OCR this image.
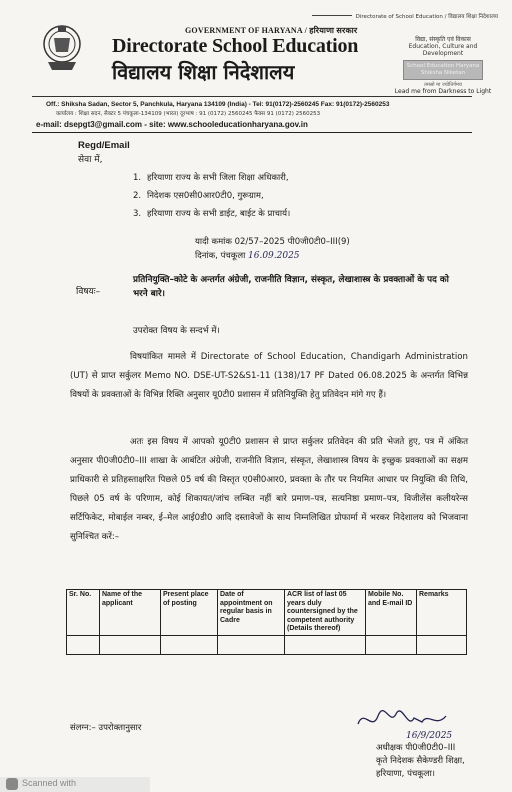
Directorate of School Education / विद्यालय शिक्षा निदेशालय
GOVERNMENT OF HARYANA / हरियाणा सरकार
Directorate School Education
विद्यालय शिक्षा निदेशालय
विद्या, संस्कृति एवं विकास
Education, Culture and Development
School Education Haryana
Shiksha Niketan
तमसो मा ज्योतिर्गमय
Lead me from Darkness to Light
Off.: Shiksha Sadan, Sector 5, Panchkula, Haryana 134109 (India) - Tel: 91(0172)-2560245 Fax: 91(0172)-2560253
कार्यालय : शिक्षा सदन, सैक्टर 5 पंचकूला-134109 (भारत) दूरभाष : 91 (0172) 2560245 फैक्स 91 (0172) 2560253
e-mail: dsepgt3@gmail.com - site: www.schooleducationharyana.gov.in
Regd/Email
सेवा में,
1. हरियाणा राज्य के सभी जिला शिक्षा अधिकारी,
2. निदेशक एस0सी0आर0टी0, गुरूग्राम,
3. हरियाणा राज्य के सभी डाईट, बाईट के प्राचार्य।
यादी कमांक 02/57–2025 पी0जी0टी0–III(9)
दिनांक, पंचकूला 16.09.2025
विषयः–
प्रतिनियुक्ति–कोटे के अन्तर्गत अंग्रेजी, राजनीति विज्ञान, संस्कृत, लेखाशास्त्र के प्रवक्ताओं के पद को भरने बारे।
उपरोक्त विषय के सन्दर्भ में।
विषयांकित मामले में Directorate of School Education, Chandigarh Administration (UT) से प्राप्त सर्कुलर Memo NO. DSE-UT-S2&S1-11 (138)/17 PF Dated 06.08.2025 के अन्तर्गत विभिन्न विषयों के प्रवक्ताओं के विभिन्न रिक्ति अनुसार यू0टी0 प्रशासन में प्रतिनियुक्ति हेतु प्रतिवेदन मांगे गए हैं।
अतः इस विषय में आपको यू0टी0 प्रशासन से प्राप्त सर्कुलर प्रतिवेदन की प्रति भेजते हुए, पत्र में अंकित अनुसार पी0जी0टी0–III शाखा के आबंटित अंग्रेजी, राजनीति विज्ञान, संस्कृत, लेखाशास्त्र विषय के इच्छुक प्रवक्ताओं का सक्षम प्राधिकारी से प्रतिहस्ताक्षरित पिछले 05 वर्ष की विस्तृत ए0सी0आर0, प्रवक्ता के तौर पर नियमित आधार पर नियुक्ति की तिथि, पिछले 05 वर्ष के परिणाम, कोई शिकायत/जांच लम्बित नहीं बारे प्रमाण–पत्र, सत्यनिष्ठा प्रमाण–पत्र, विजीलेंस कलीयरेन्स सर्टिफिकेट, मोबाईल नम्बर, ई–मेल आई0डी0 आदि दस्तावेजों के साथ निम्नलिखित प्रोफार्मा में भरकर निदेशालय को भिजवाना सुनिश्चित करें:–
Sr. No.	Name of the applicant	Present place of posting	Date of appointment on regular basis in Cadre	ACR list of last 05 years duly countersigned by the competent authority (Details thereof)	Mobile No. and E-mail ID	Remarks

संलग्न:– उपरोक्तानुसार
16/9/2025
अधीक्षक पी0जी0टी0–III
कृते निदेशक सैकेण्डरी शिक्षा,
हरियाणा, पंचकूला।
Scanned with
